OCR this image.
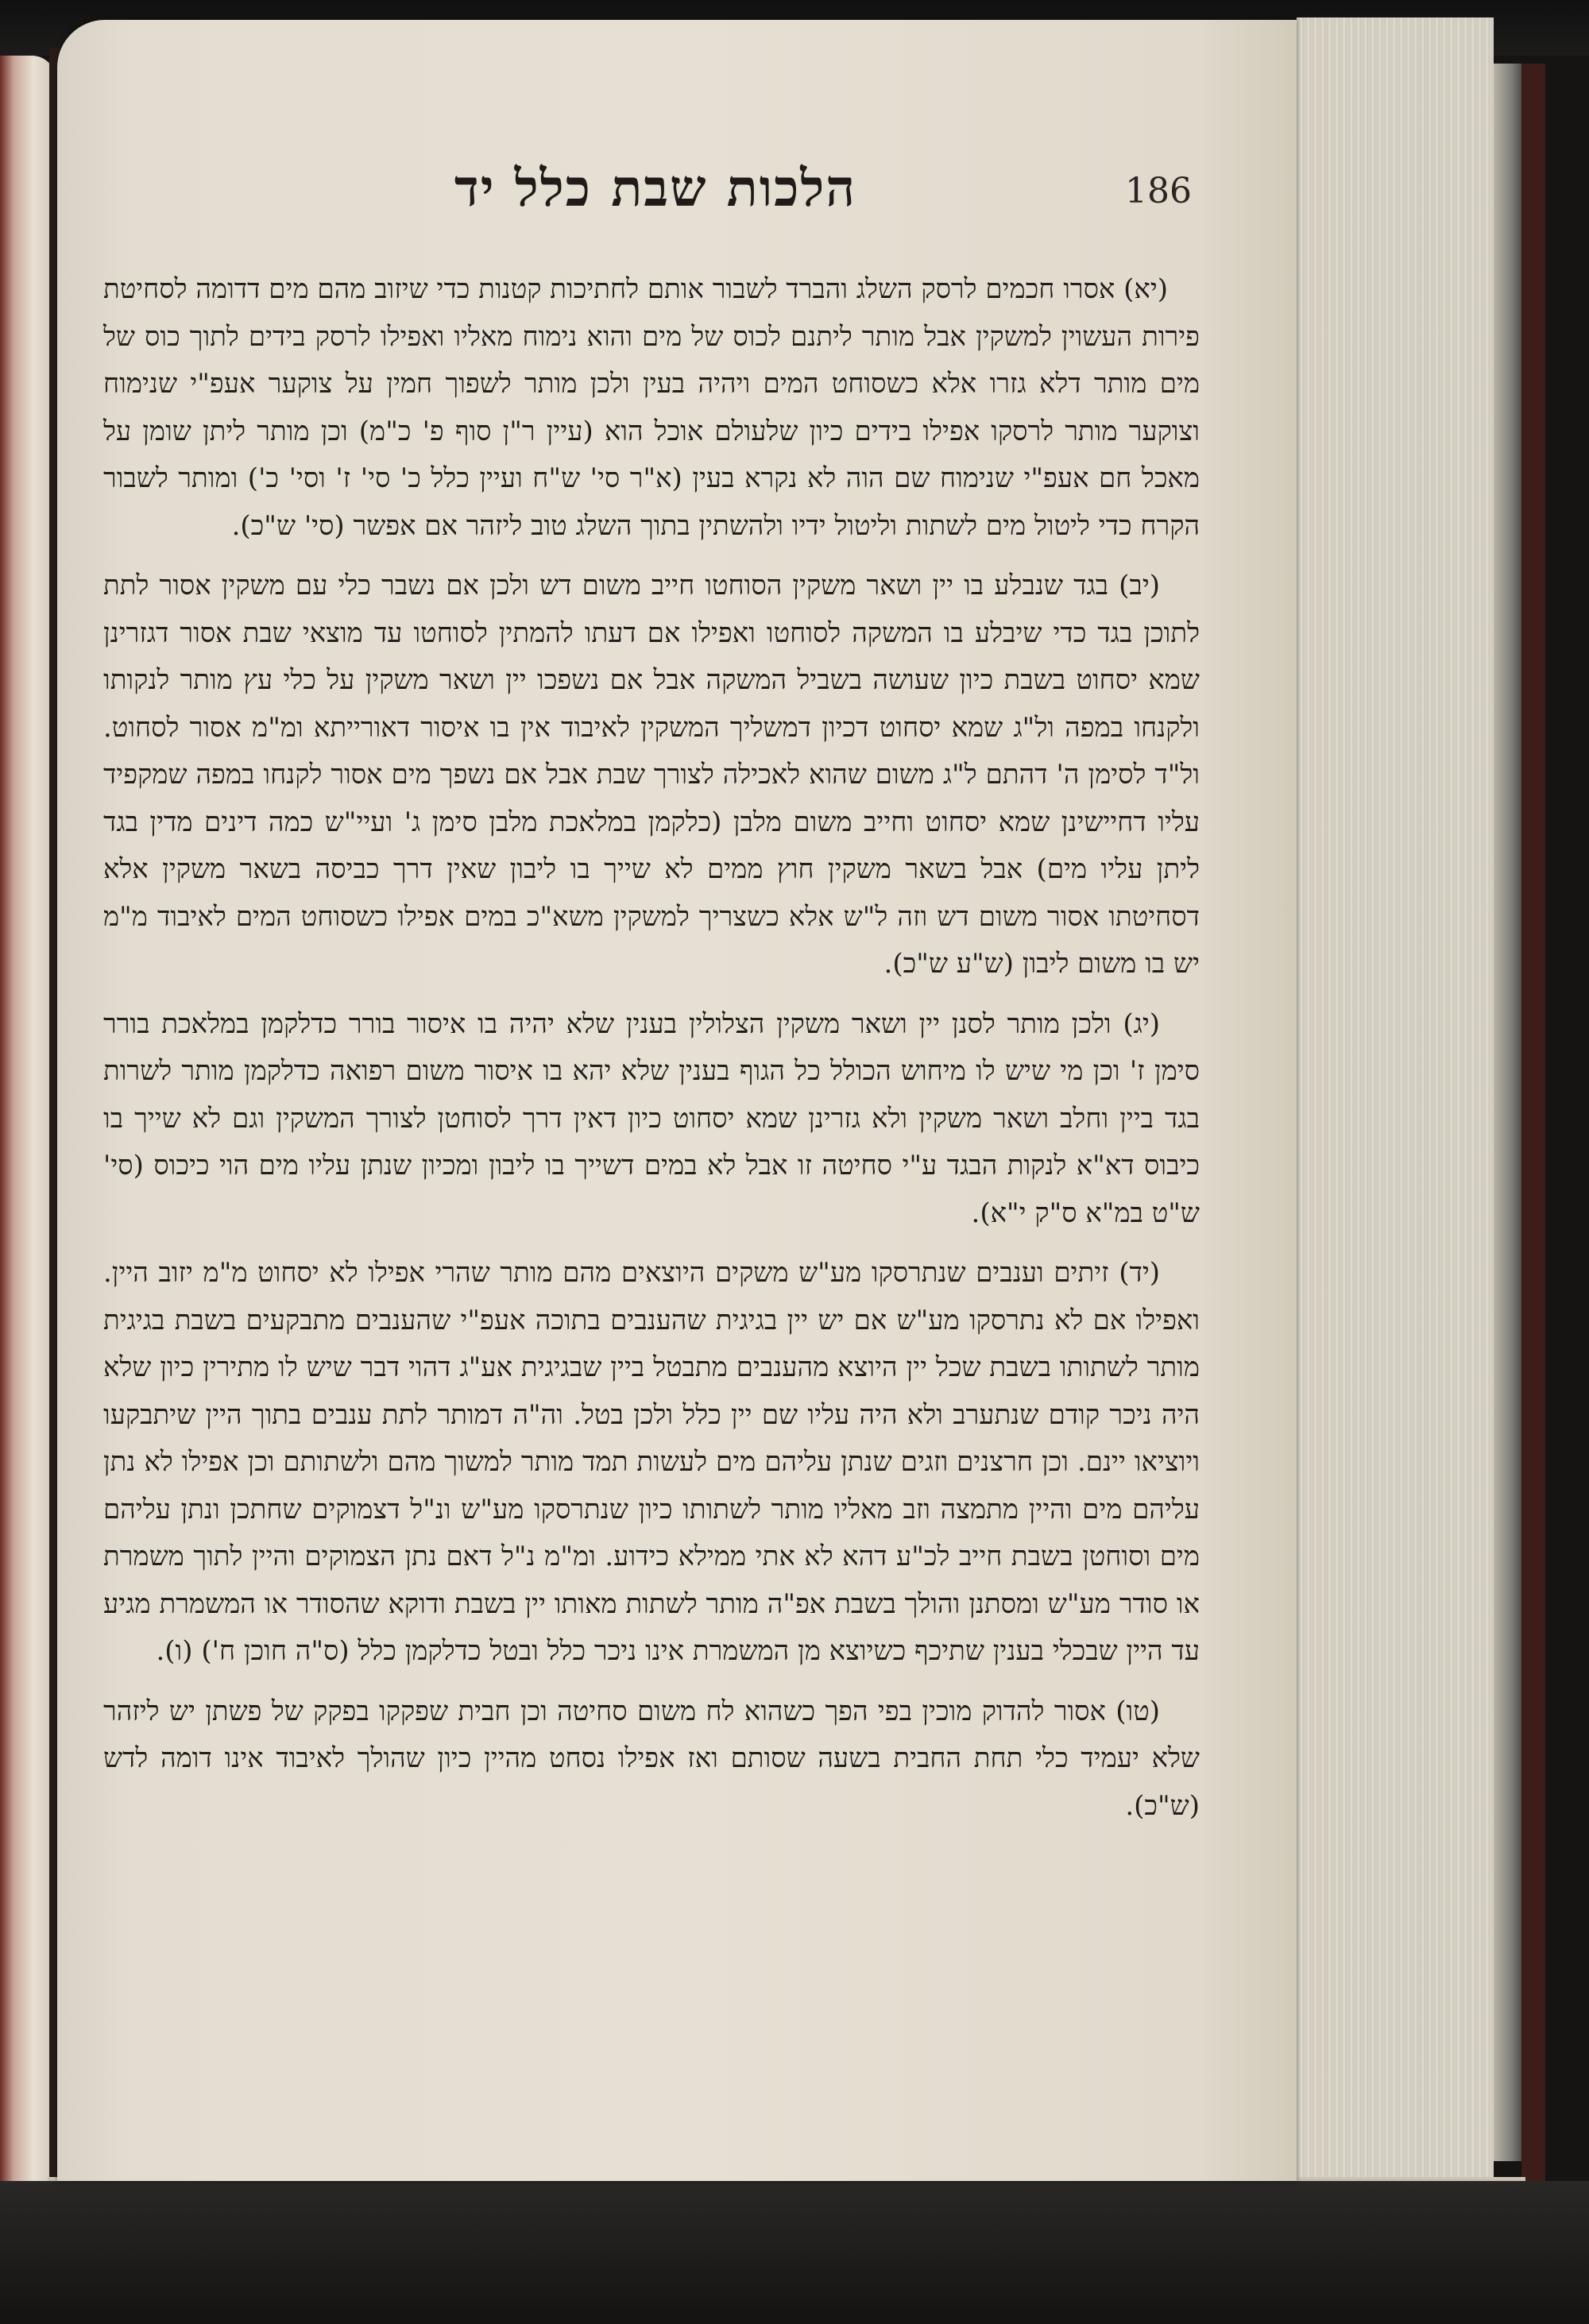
הלכות שבת כלל יד	186

(יא) אסרו חכמים לרסק השלג והברד לשבור אותם לחתיכות קטנות כדי שיזוב מהם מים דדומה לסחיטת פירות העשוין למשקין אבל מותר ליתנם לכוס של מים והוא נימוח מאליו ואפילו לרסק בידים לתוך כוס של מים מותר דלא גזרו אלא כשסוחט המים ויהיה בעין ולכן מותר לשפוך חמין על צוקער אעפ"י שנימוח וצוקער מותר לרסקו אפילו בידים כיון שלעולם אוכל הוא (עיין ר"ן סוף פ' כ"מ) וכן מותר ליתן שומן על מאכל חם אעפ"י שנימוח שם הוה לא נקרא בעין (א"ר סי' ש"ח ועיין כלל כ' סי' ז' וסי' כ') ומותר לשבור הקרח כדי ליטול מים לשתות וליטול ידיו ולהשתין בתוך השלג טוב ליזהר אם אפשר (סי' ש"כ).

(יב) בגד שנבלע בו יין ושאר משקין הסוחטו חייב משום דש ולכן אם נשבר כלי עם משקין אסור לתת לתוכן בגד כדי שיבלע בו המשקה לסוחטו ואפילו אם דעתו להמתין לסוחטו עד מוצאי שבת אסור דגזרינן שמא יסחוט בשבת כיון שעושה בשביל המשקה אבל אם נשפכו יין ושאר משקין על כלי עץ מותר לנקותו ולקנחו במפה ול"ג שמא יסחוט דכיון דמשליך המשקין לאיבוד אין בו איסור דאורייתא ומ"מ אסור לסחוט. ול"ד לסימן ה' דהתם ל"ג משום שהוא לאכילה לצורך שבת אבל אם נשפך מים אסור לקנחו במפה שמקפיד עליו דחיישינן שמא יסחוט וחייב משום מלבן (כלקמן במלאכת מלבן סימן ג' ועיי"ש כמה דינים מדין בגד ליתן עליו מים) אבל בשאר משקין חוץ ממים לא שייך בו ליבון שאין דרך כביסה בשאר משקין אלא דסחיטתו אסור משום דש וזה ל"ש אלא כשצריך למשקין משא"כ במים אפילו כשסוחט המים לאיבוד מ"מ יש בו משום ליבון (ש"ע ש"כ).

(יג) ולכן מותר לסנן יין ושאר משקין הצלולין בענין שלא יהיה בו איסור בורר כדלקמן במלאכת בורר סימן ז' וכן מי שיש לו מיחוש הכולל כל הגוף בענין שלא יהא בו איסור משום רפואה כדלקמן מותר לשרות בגד ביין וחלב ושאר משקין ולא גזרינן שמא יסחוט כיון דאין דרך לסוחטן לצורך המשקין וגם לא שייך בו כיבוס דא"א לנקות הבגד ע"י סחיטה זו אבל לא במים דשייך בו ליבון ומכיון שנתן עליו מים הוי כיכוס (סי' ש"ט במ"א ס"ק י"א).

(יד) זיתים וענבים שנתרסקו מע"ש משקים היוצאים מהם מותר שהרי אפילו לא יסחוט מ"מ יזוב היין. ואפילו אם לא נתרסקו מע"ש אם יש יין בגיגית שהענבים בתוכה אעפ"י שהענבים מתבקעים בשבת בגיגית מותר לשתותו בשבת שכל יין היוצא מהענבים מתבטל ביין שבגיגית אע"ג דהוי דבר שיש לו מתירין כיון שלא היה ניכר קודם שנתערב ולא היה עליו שם יין כלל ולכן בטל. וה"ה דמותר לתת ענבים בתוך היין שיתבקעו ויוציאו יינם. וכן חרצנים וזגים שנתן עליהם מים לעשות תמד מותר למשוך מהם ולשתותם וכן אפילו לא נתן עליהם מים והיין מתמצה וזב מאליו מותר לשתותו כיון שנתרסקו מע"ש ונ"ל דצמוקים שחתכן ונתן עליהם מים וסוחטן בשבת חייב לכ"ע דהא לא אתי ממילא כידוע. ומ"מ נ"ל דאם נתן הצמוקים והיין לתוך משמרת או סודר מע"ש ומסתנן והולך בשבת אפ"ה מותר לשתות מאותו יין בשבת ודוקא שהסודר או המשמרת מגיע עד היין שבכלי בענין שתיכף כשיוצא מן המשמרת אינו ניכר כלל ובטל כדלקמן כלל (ס"ה חוכן ח') (ו).

(טו) אסור להדוק מוכין בפי הפך כשהוא לח משום סחיטה וכן חבית שפקקו בפקק של פשתן יש ליזהר שלא יעמיד כלי תחת החבית בשעה שסותם ואז אפילו נסחט מהיין כיון שהולך לאיבוד אינו דומה לדש (ש"כ).
